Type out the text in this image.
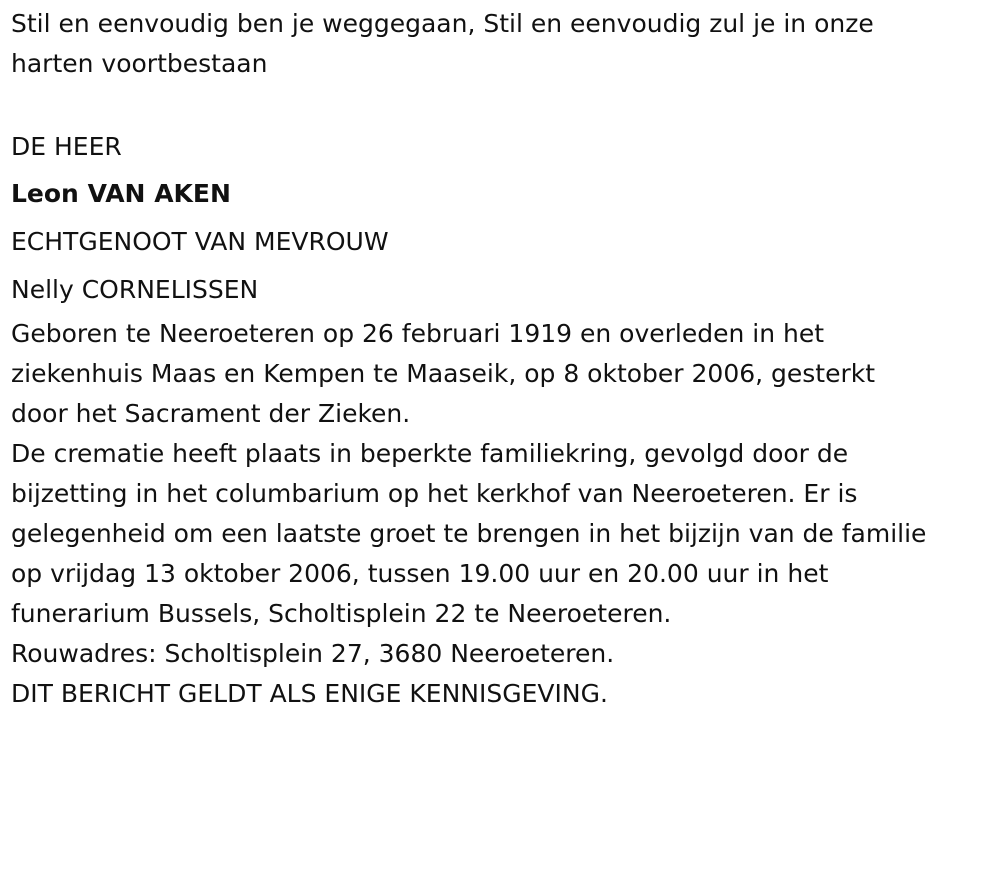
Stil en eenvoudig ben je weggegaan, Stil en eenvoudig zul je in onze
harten voortbestaan

DE HEER

Leon VAN AKEN

ECHTGENOOT VAN MEVROUW

Nelly CORNELISSEN

Geboren te Neeroeteren op 26 februari 1919 en overleden in het
ziekenhuis Maas en Kempen te Maaseik, op 8 oktober 2006, gesterkt
door het Sacrament der Zieken.

De crematie heeft plaats in beperkte familiekring, gevolgd door de
bijzetting in het columbarium op het kerkhof van Neeroeteren. Er is
gelegenheid om een laatste groet te brengen in het bijzijn van de familie
op vrijdag 13 oktober 2006, tussen 19.00 uur en 20.00 uur in het
funerarium Bussels, Scholtisplein 22 te Neeroeteren.

Rouwadres: Scholtisplein 27, 3680 Neeroeteren.

DIT BERICHT GELDT ALS ENIGE KENNISGEVING.
